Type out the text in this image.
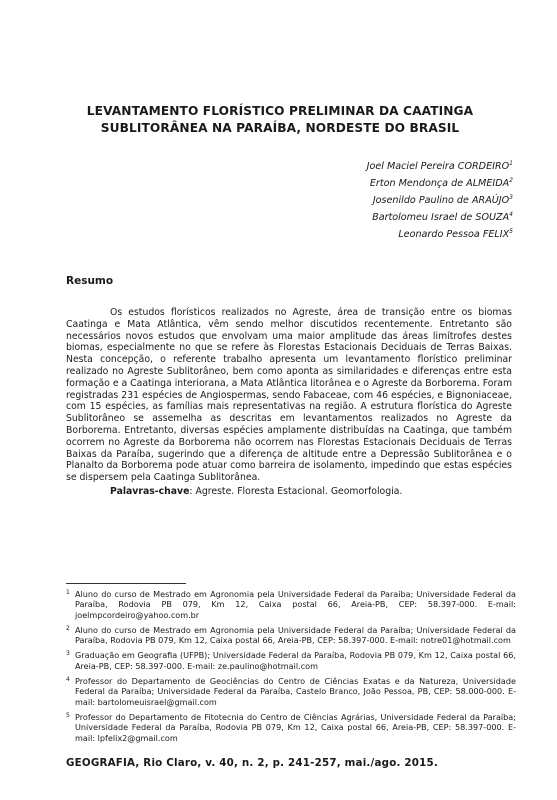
LEVANTAMENTO FLORÍSTICO PRELIMINAR DA CAATINGA SUBLITORÂNEA NA PARAÍBA, NORDESTE DO BRASIL
Joel Maciel Pereira CORDEIRO$^1$
Erton Mendonça de ALMEIDA$^2$
Josenildo Paulino de ARAÚJO$^3$
Bartolomeu Israel de SOUZA$^4$
Leonardo Pessoa FELIX$^5$
Resumo

Os estudos florísticos realizados no Agreste, área de transição entre os biomas Caatinga e Mata Atlântica, vêm sendo melhor discutidos recentemente. Entretanto são necessários novos estudos que envolvam uma maior amplitude das áreas limítrofes destes biomas, especialmente no que se refere às Florestas Estacionais Deciduais de Terras Baixas. Nesta concepção, o referente trabalho apresenta um levantamento florístico preliminar realizado no Agreste Sublitorâneo, bem como aponta as similaridades e diferenças entre esta formação e a Caatinga interiorana, a Mata Atlântica litorânea e o Agreste da Borborema. Foram registradas 231 espécies de Angiospermas, sendo Fabaceae, com 46 espécies, e Bignoniaceae, com 15 espécies, as famílias mais representativas na região. A estrutura florística do Agreste Sublitorâneo se assemelha as descritas em levantamentos realizados no Agreste da Borborema. Entretanto, diversas espécies amplamente distribuídas na Caatinga, que também ocorrem no Agreste da Borborema não ocorrem nas Florestas Estacionais Deciduais de Terras Baixas da Paraíba, sugerindo que a diferença de altitude entre a Depressão Sublitorânea e o Planalto da Borborema pode atuar como barreira de isolamento, impedindo que estas espécies se dispersem pela Caatinga Sublitorânea.

Palavras-chave: Agreste. Floresta Estacional. Geomorfologia.
1 Aluno do curso de Mestrado em Agronomia pela Universidade Federal da Paraíba; Universidade Federal da Paraíba, Rodovia PB 079, Km 12, Caixa postal 66, Areia-PB, CEP: 58.397-000. E-mail: joelmpcordeiro@yahoo.com.br
2 Aluno do curso de Mestrado em Agronomia pela Universidade Federal da Paraíba; Universidade Federal da Paraíba, Rodovia PB 079, Km 12, Caixa postal 66, Areia-PB, CEP: 58.397-000. E-mail: notre01@hotmail.com
3 Graduação em Geografia (UFPB); Universidade Federal da Paraíba, Rodovia PB 079, Km 12, Caixa postal 66, Areia-PB, CEP: 58.397-000. E-mail: ze.paulino@hotmail.com
4 Professor do Departamento de Geociências do Centro de Ciências Exatas e da Natureza, Universidade Federal da Paraíba; Universidade Federal da Paraíba, Castelo Branco, João Pessoa, PB, CEP: 58.000-000. E-mail: bartolomeuisrael@gmail.com
5 Professor do Departamento de Fitotecnia do Centro de Ciências Agrárias, Universidade Federal da Paraíba; Universidade Federal da Paraíba, Rodovia PB 079, Km 12, Caixa postal 66, Areia-PB, CEP: 58.397-000. E-mail: lpfelix2@gmail.com
GEOGRAFIA, Rio Claro, v. 40, n. 2, p. 241-257, mai./ago. 2015.
